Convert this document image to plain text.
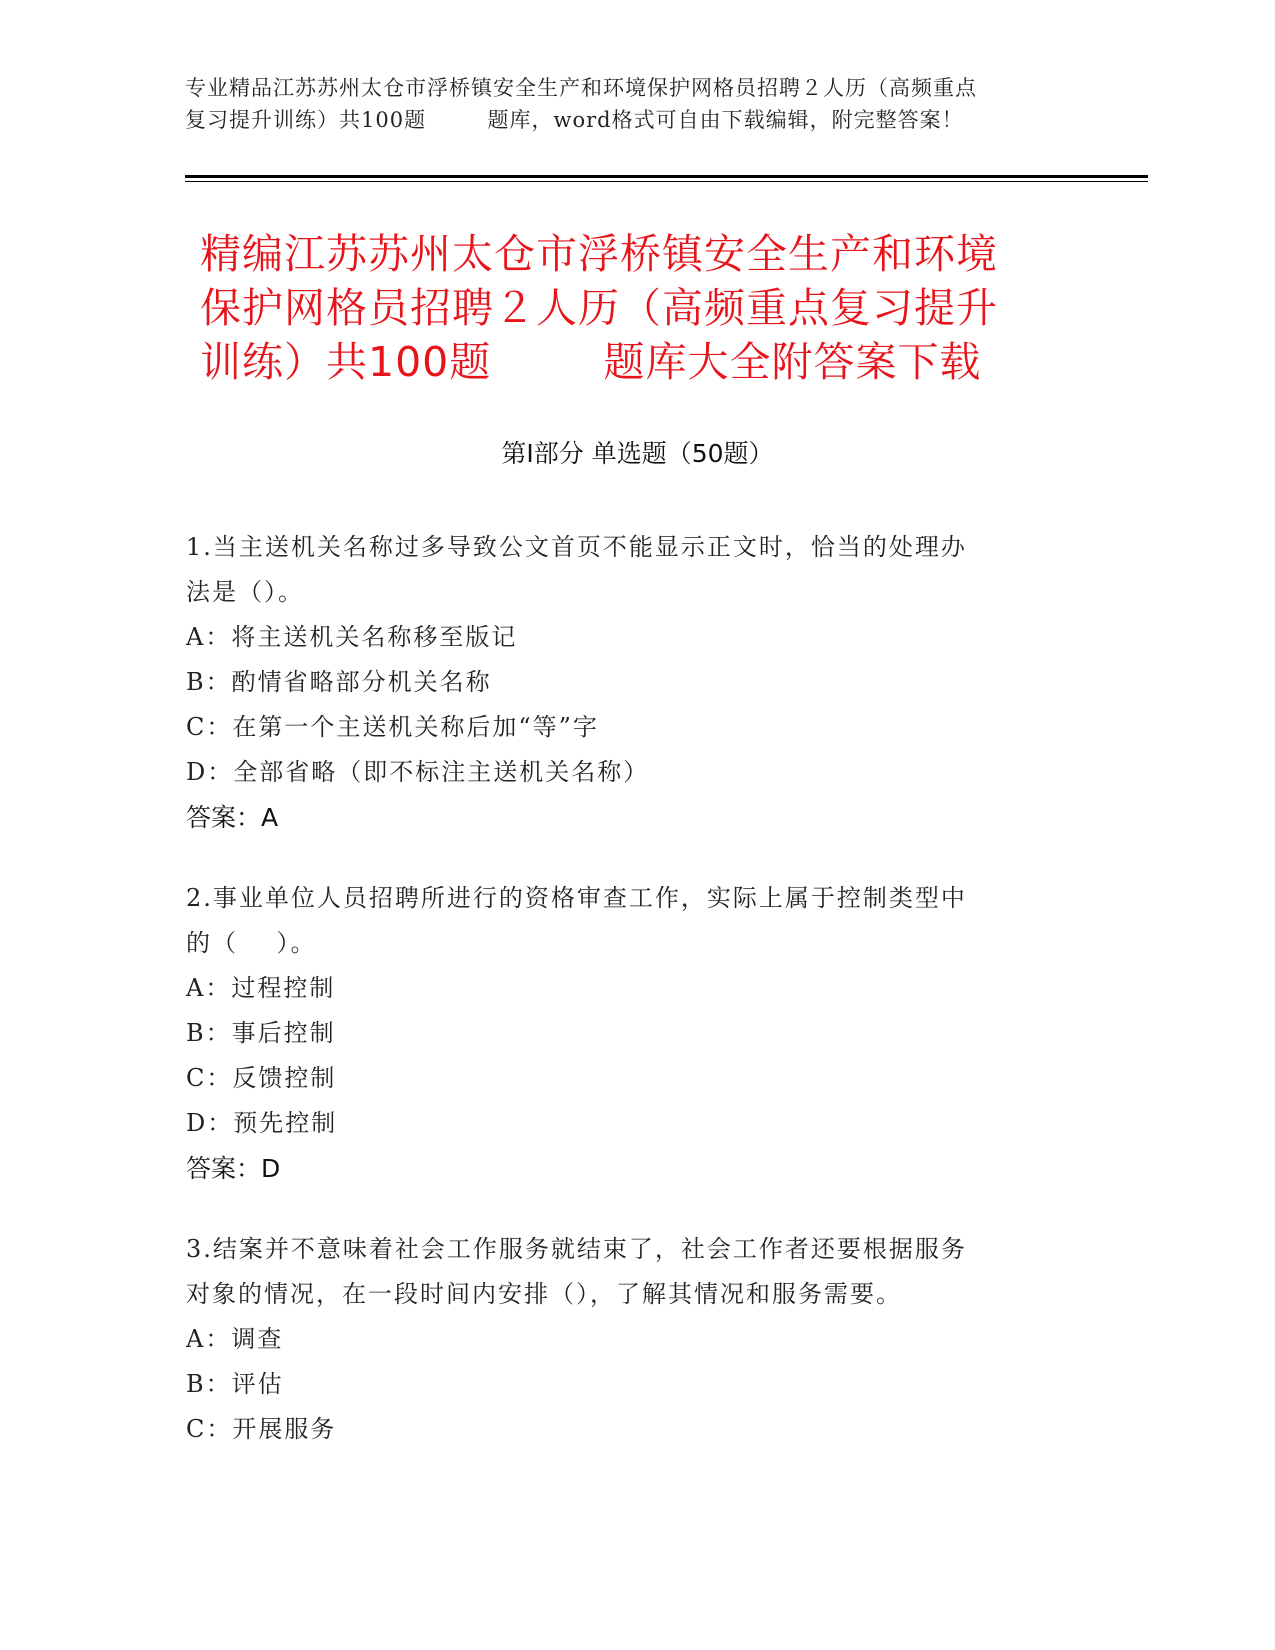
专业精品江苏苏州太仓市浮桥镇安全生产和环境保护网格员招聘２人历（高频重点
复习提升训练）共100题        题库，word格式可自由下载编辑，附完整答案！
精编江苏苏州太仓市浮桥镇安全生产和环境
保护网格员招聘２人历（高频重点复习提升
训练）共100题        题库大全附答案下载
第Ⅰ部分 单选题（50题）
1.当主送机关名称过多导致公文首页不能显示正文时，恰当的处理办
法是（）。
A：将主送机关名称移至版记
B：酌情省略部分机关名称
C：在第一个主送机关称后加“等”字
D：全部省略（即不标注主送机关名称）
答案：A
2.事业单位人员招聘所进行的资格审查工作，实际上属于控制类型中
的（    ）。
A：过程控制
B：事后控制
C：反馈控制
D：预先控制
答案：D
3.结案并不意味着社会工作服务就结束了，社会工作者还要根据服务
对象的情况，在一段时间内安排（），了解其情况和服务需要。
A：调查
B：评估
C：开展服务
